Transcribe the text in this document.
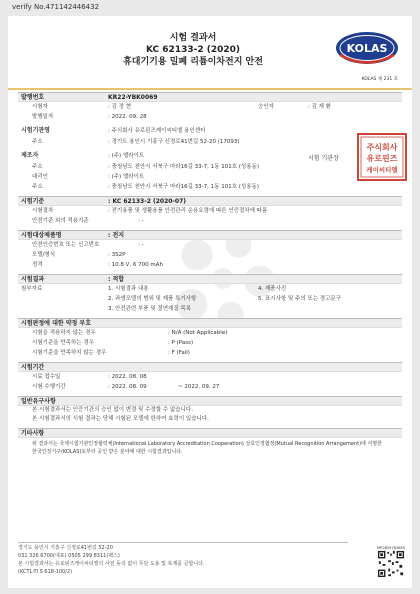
verify No.471142446432
시험 결과서
KC 62133-2 (2020)
휴대기기용 밀폐 리튬이차전지 안전
KOLAS
KOLAS 제 231 호
발행번호	KR22-YBK0069
시험자	: 김 정 현	승인자	: 김 재 환
발행일자	: 2022. 09. 28
시험기관명	: 주식회사 유로핀즈케이씨티엘 용인센터
주소	: 경기도 용인시 기흥구 신정로41번길 52-20 (17093)
제조자	: (주) 엘라이트
주소	: 충청남도 천안시 서북구 마라16길 33-7, 1동 101호 (성용동)
대리인	: (주) 엘라이트
주소	: 충청남도 천안시 서북구 마라16길 33-7, 1동 101호 (성용동)
시험기준	: KC 62133-2 (2020-07)
시험절차	: 전기용품 및 생활용품 안전관리 운용요령에 따른 인증절차에 따름
안전기준 외의 적용기준	: -
시험대상제품명	: 전지
안전인증번호 또는 신고번호	: -
모델/형식	: 3S2P
정격	: 10.8 V, 6 700 mAh
시험결과	: 적합
첨부자료	1. 시험결과 내용	4. 제품사진
2. 과생모델의 범위 및 제품 특기사항	5. 표시사항 및 주의 또는 경고문구
3. 안전관련 부품 및 절연재질 목록
시험판정에 대한 약정 부호
시험을 적용하지 않는 경우	: N/A (Not Applicable)
시험기준을 만족하는 경우	: P (Pass)
시험기준을 만족하지 않는 경우	: F (Fail)
시험기간
시료 접수일	: 2022. 08. 08
시험 수행기간	: 2022. 08. 09	~ 2022. 09. 27
일반유구사항
본 시험결과서는 인증기관의 승인 없이 변경 및 수정할 수 없습니다.
본 시험결과서의 시험 결과는 당해 시험된 모델에 한하여 효력이 있습니다.
기타사항
위 결과서는 국제시험기관인정협력체(International Laboratory Accreditation Cooperation) 상호인정협정(Mutual Recognition Arrangement)에 서명한 한국인정기구(KOLAS)로부터 공인 받은 분야에 대한 시험결과입니다.
시험 기관장
주식회사
유로핀즈
케이씨티엘
경기도 용인시 기흥구 신정로41번길 52-20
031 326 6700(대표) 0505 299 8311(팩스)
본 시험결과서는 유로핀즈케이씨티엘의 사전 동의 없이 무단 도용 및 복제를 금합니다.
(KCTL-TI S 618-100/2)
MR2855765669
